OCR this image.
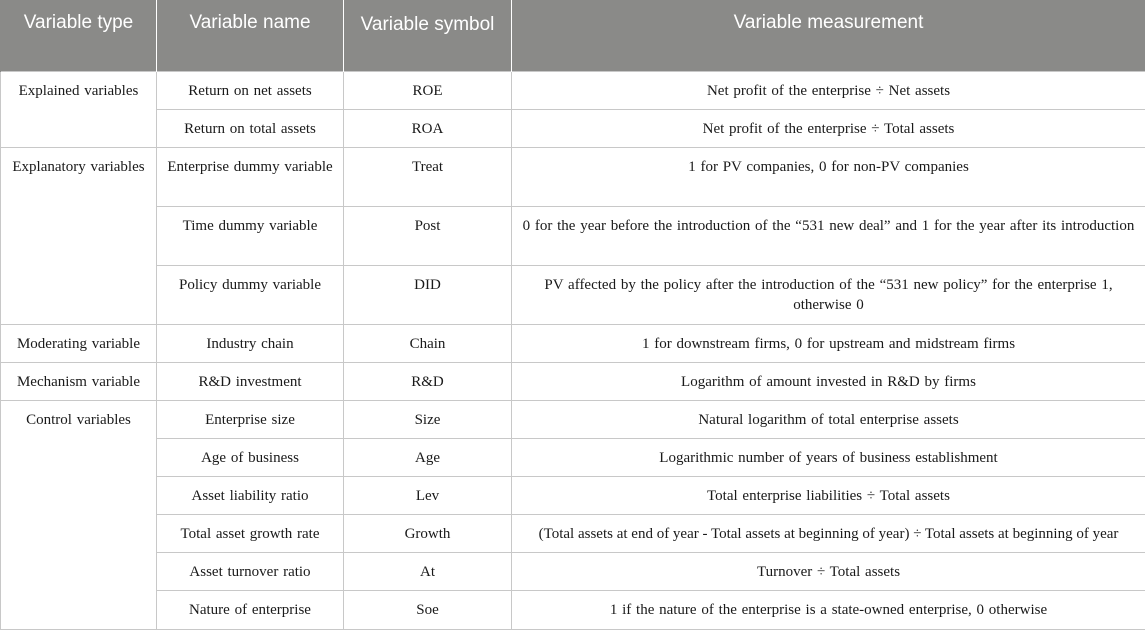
Variable type	Variable name	Variable symbol	Variable measurement
Explained variables	Return on net assets	ROE	Net profit of the enterprise ÷ Net assets
	Return on total assets	ROA	Net profit of the enterprise ÷ Total assets
Explanatory variables	Enterprise dummy variable	Treat	1 for PV companies, 0 for non-PV companies
	Time dummy variable	Post	0 for the year before the introduction of the “531 new deal” and 1 for the year after its introduction
	Policy dummy variable	DID	PV affected by the policy after the introduction of the “531 new policy” for the enterprise 1, otherwise 0
Moderating variable	Industry chain	Chain	1 for downstream firms, 0 for upstream and midstream firms
Mechanism variable	R&D investment	R&D	Logarithm of amount invested in R&D by firms
Control variables	Enterprise size	Size	Natural logarithm of total enterprise assets
	Age of business	Age	Logarithmic number of years of business establishment
	Asset liability ratio	Lev	Total enterprise liabilities ÷ Total assets
	Total asset growth rate	Growth	(Total assets at end of year - Total assets at beginning of year) ÷ Total assets at beginning of year
	Asset turnover ratio	At	Turnover ÷ Total assets
	Nature of enterprise	Soe	1 if the nature of the enterprise is a state-owned enterprise, 0 otherwise
